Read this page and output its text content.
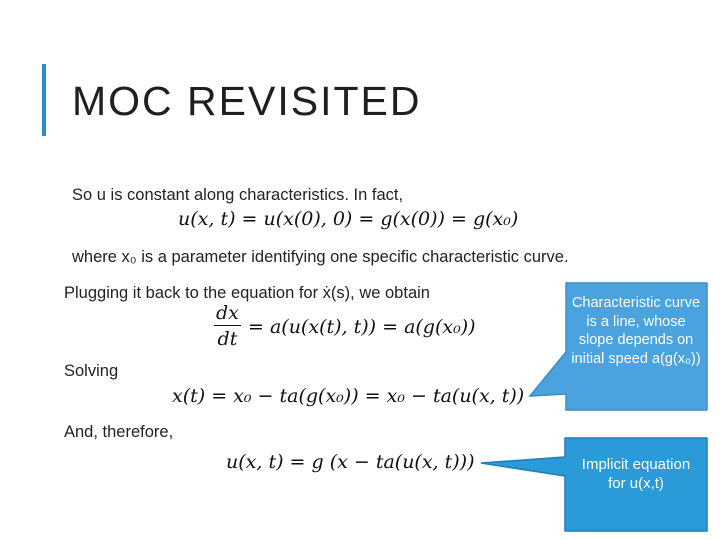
MOC REVISITED
So u is constant along characteristics. In fact,
u(x, t) = u(x(0), 0) = g(x(0)) = g(x₀)
where x₀ is a parameter identifying one specific characteristic curve.
Plugging it back to the equation for ẋ(s), we obtain
$\frac{dx}{dt} = a(u(x(t)$, t)) = a(g(x₀))
Solving
x(t) = x₀ − ta(g(x₀)) = x₀ − ta(u(x, t))
And, therefore,
u(x, t) = g (x − ta(u(x, t)))
Characteristic curve is a line, whose slope depends on initial speed a(g(x₀))
Implicit equation for u(x,t)
